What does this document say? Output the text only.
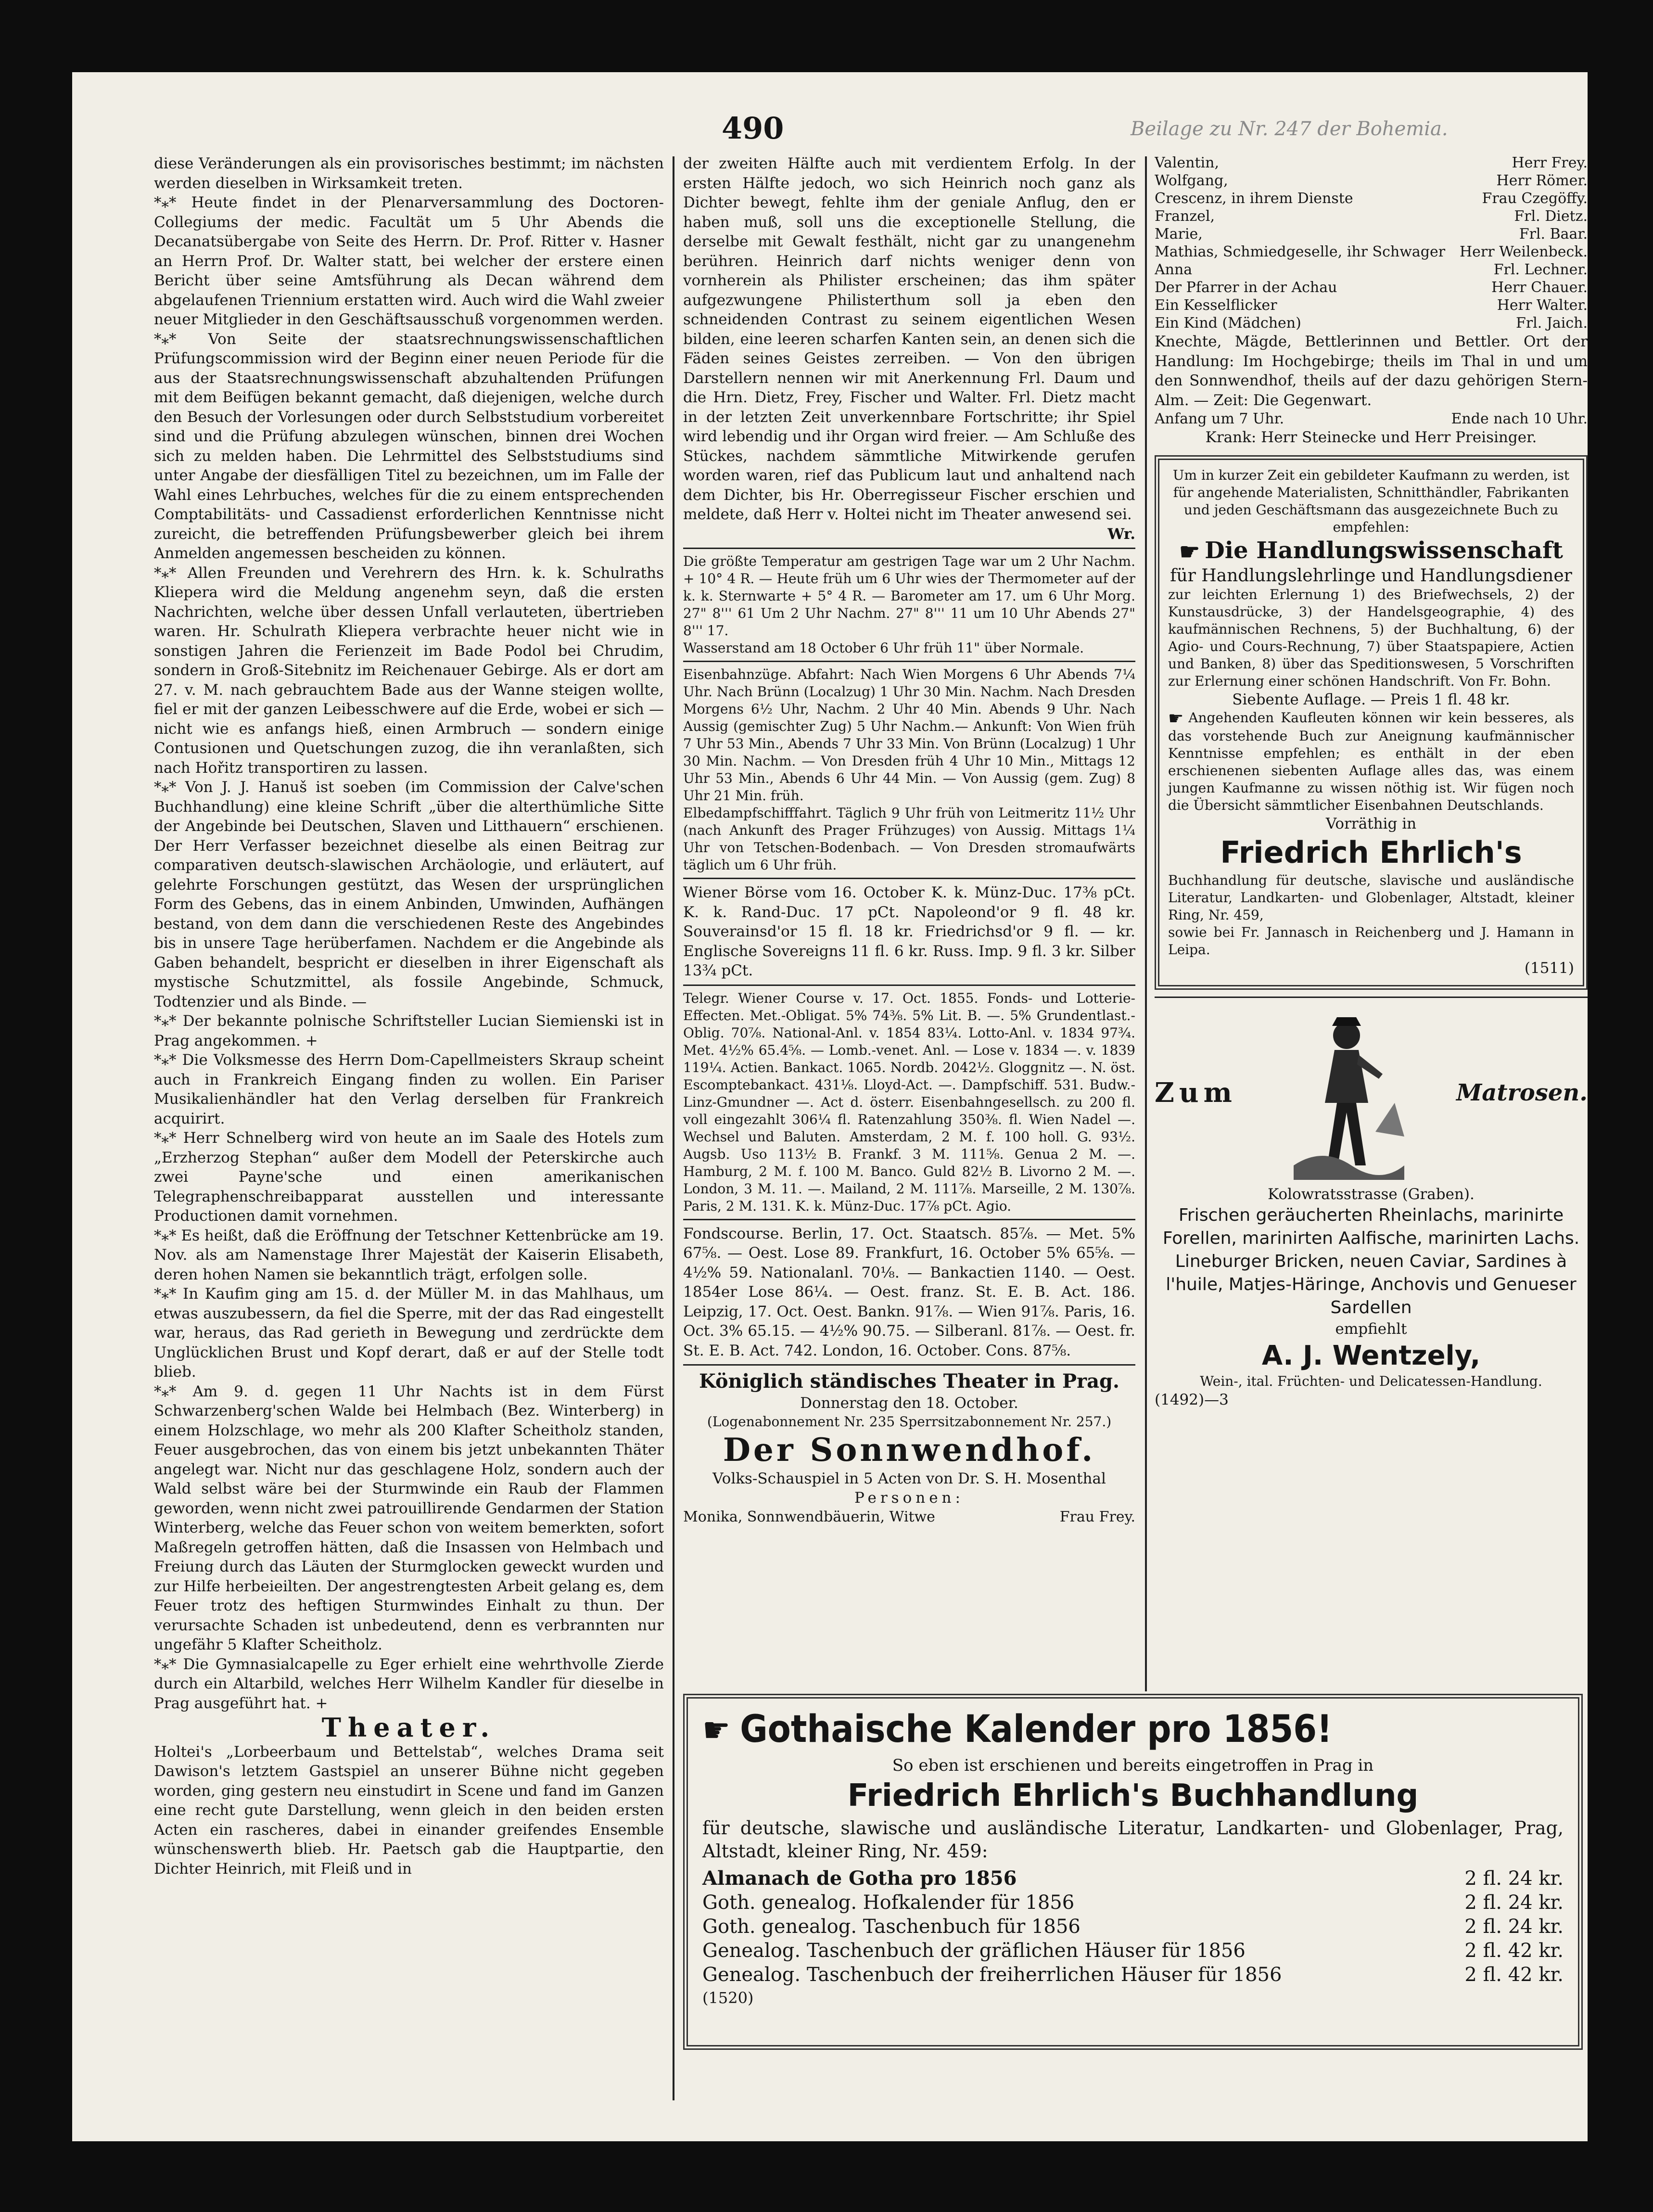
490	Beilage zu Nr. 247 der Bohemia.

diese Veränderungen als ein provisorisches bestimmt; im nächsten werden dieselben in Wirksamkeit treten.

*⁎* Heute findet in der Plenarversammlung des Doctoren-Collegiums der medic. Facultät um 5 Uhr Abends die Decanatsübergabe von Seite des Herrn. Dr. Prof. Ritter v. Hasner an Herrn Prof. Dr. Walter statt, bei welcher der erstere einen Bericht über seine Amtsführung als Decan während dem abgelaufenen Triennium erstatten wird. Auch wird die Wahl zweier neuer Mitglieder in den Geschäftsausschuß vorgenommen werden.

*⁎* Von Seite der staatsrechnungswissenschaftlichen Prüfungscommission wird der Beginn einer neuen Periode für die aus der Staatsrechnungswissenschaft abzuhaltenden Prüfungen mit dem Beifügen bekannt gemacht, daß diejenigen, welche durch den Besuch der Vorlesungen oder durch Selbststudium vorbereitet sind und die Prüfung abzulegen wünschen, binnen drei Wochen sich zu melden haben. Die Lehrmittel des Selbststudiums sind unter Angabe der diesfälligen Titel zu bezeichnen, um im Falle der Wahl eines Lehrbuches, welches für die zu einem entsprechenden Comptabilitäts- und Cassadienst erforderlichen Kenntnisse nicht zureicht, die betreffenden Prüfungsbewerber gleich bei ihrem Anmelden angemessen bescheiden zu können.

*⁎* Allen Freunden und Verehrern des Hrn. k. k. Schulraths Kliepera wird die Meldung angenehm seyn, daß die ersten Nachrichten, welche über dessen Unfall verlauteten, übertrieben waren. Hr. Schulrath Kliepera verbrachte heuer nicht wie in sonstigen Jahren die Ferienzeit im Bade Podol bei Chrudim, sondern in Groß-Sitebnitz im Reichenauer Gebirge. Als er dort am 27. v. M. nach gebrauchtem Bade aus der Wanne steigen wollte, fiel er mit der ganzen Leibesschwere auf die Erde, wobei er sich — nicht wie es anfangs hieß, einen Armbruch — sondern einige Contusionen und Quetschungen zuzog, die ihn veranlaßten, sich nach Hořitz transportiren zu lassen.

*⁎* Von J. J. Hanuš ist soeben (im Commission der Calve'schen Buchhandlung) eine kleine Schrift „über die alterthümliche Sitte der Angebinde bei Deutschen, Slaven und Litthauern“ erschienen. Der Herr Verfasser bezeichnet dieselbe als einen Beitrag zur comparativen deutsch-slawischen Archäologie, und erläutert, auf gelehrte Forschungen gestützt, das Wesen der ursprünglichen Form des Gebens, das in einem Anbinden, Umwinden, Aufhängen bestand, von dem dann die verschiedenen Reste des Angebindes bis in unsere Tage herüberfamen. Nachdem er die Angebinde als Gaben behandelt, bespricht er dieselben in ihrer Eigenschaft als mystische Schutzmittel, als fossile Angebinde, Schmuck, Todtenzier und als Binde. —

*⁎* Der bekannte polnische Schriftsteller Lucian Siemienski ist in Prag angekommen. +

*⁎* Die Volksmesse des Herrn Dom-Capellmeisters Skraup scheint auch in Frankreich Eingang finden zu wollen. Ein Pariser Musikalienhändler hat den Verlag derselben für Frankreich acquirirt.

*⁎* Herr Schnelberg wird von heute an im Saale des Hotels zum „Erzherzog Stephan“ außer dem Modell der Peterskirche auch zwei Payne'sche und einen amerikanischen Telegraphenschreibapparat ausstellen und interessante Productionen damit vornehmen.

*⁎* Es heißt, daß die Eröffnung der Tetschner Kettenbrücke am 19. Nov. als am Namenstage Ihrer Majestät der Kaiserin Elisabeth, deren hohen Namen sie bekanntlich trägt, erfolgen solle.

*⁎* In Kaufim ging am 15. d. der Müller M. in das Mahlhaus, um etwas auszubessern, da fiel die Sperre, mit der das Rad eingestellt war, heraus, das Rad gerieth in Bewegung und zerdrückte dem Unglücklichen Brust und Kopf derart, daß er auf der Stelle todt blieb.

*⁎* Am 9. d. gegen 11 Uhr Nachts ist in dem Fürst Schwarzenberg'schen Walde bei Helmbach (Bez. Winterberg) in einem Holzschlage, wo mehr als 200 Klafter Scheitholz standen, Feuer ausgebrochen, das von einem bis jetzt unbekannten Thäter angelegt war. Nicht nur das geschlagene Holz, sondern auch der Wald selbst wäre bei der Sturmwinde ein Raub der Flammen geworden, wenn nicht zwei patrouillirende Gendarmen der Station Winterberg, welche das Feuer schon von weitem bemerkten, sofort Maßregeln getroffen hätten, daß die Insassen von Helmbach und Freiung durch das Läuten der Sturmglocken geweckt wurden und zur Hilfe herbeieilten. Der angestrengtesten Arbeit gelang es, dem Feuer trotz des heftigen Sturmwindes Einhalt zu thun. Der verursachte Schaden ist unbedeutend, denn es verbrannten nur ungefähr 5 Klafter Scheitholz.

*⁎* Die Gymnasialcapelle zu Eger erhielt eine wehrthvolle Zierde durch ein Altarbild, welches Herr Wilhelm Kandler für dieselbe in Prag ausgeführt hat. +

Theater.

Holtei's „Lorbeerbaum und Bettelstab“, welches Drama seit Dawison's letztem Gastspiel an unserer Bühne nicht gegeben worden, ging gestern neu einstudirt in Scene und fand im Ganzen eine recht gute Darstellung, wenn gleich in den beiden ersten Acten ein rascheres, dabei in einander greifendes Ensemble wünschenswerth blieb. Hr. Paetsch gab die Hauptpartie, den Dichter Heinrich, mit Fleiß und in

der zweiten Hälfte auch mit verdientem Erfolg. In der ersten Hälfte jedoch, wo sich Heinrich noch ganz als Dichter bewegt, fehlte ihm der geniale Anflug, den er haben muß, soll uns die exceptionelle Stellung, die derselbe mit Gewalt festhält, nicht gar zu unangenehm berühren. Heinrich darf nichts weniger denn von vornherein als Philister erscheinen; das ihm später aufgezwungene Philisterthum soll ja eben den schneidenden Contrast zu seinem eigentlichen Wesen bilden, eine leeren scharfen Kanten sein, an denen sich die Fäden seines Geistes zerreiben. — Von den übrigen Darstellern nennen wir mit Anerkennung Frl. Daum und die Hrn. Dietz, Frey, Fischer und Walter. Frl. Dietz macht in der letzten Zeit unverkennbare Fortschritte; ihr Spiel wird lebendig und ihr Organ wird freier. — Am Schluße des Stückes, nachdem sämmtliche Mitwirkende gerufen worden waren, rief das Publicum laut und anhaltend nach dem Dichter, bis Hr. Oberregisseur Fischer erschien und meldete, daß Herr v. Holtei nicht im Theater anwesend sei.

Wr.

Die größte Temperatur am gestrigen Tage war um 2 Uhr Nachm. + 10° 4 R. — Heute früh um 6 Uhr wies der Thermometer auf der k. k. Sternwarte + 5° 4 R. — Barometer am 17. um 6 Uhr Morg. 27" 8''' 61 Um 2 Uhr Nachm. 27" 8''' 11 um 10 Uhr Abends 27" 8''' 17.

Wasserstand am 18 October 6 Uhr früh 11" über Normale.

Eisenbahnzüge. Abfahrt: Nach Wien Morgens 6 Uhr Abends 7¼ Uhr. Nach Brünn (Localzug) 1 Uhr 30 Min. Nachm. Nach Dresden Morgens 6½ Uhr, Nachm. 2 Uhr 40 Min. Abends 9 Uhr. Nach Aussig (gemischter Zug) 5 Uhr Nachm.— Ankunft: Von Wien früh 7 Uhr 53 Min., Abends 7 Uhr 33 Min. Von Brünn (Localzug) 1 Uhr 30 Min. Nachm. — Von Dresden früh 4 Uhr 10 Min., Mittags 12 Uhr 53 Min., Abends 6 Uhr 44 Min. — Von Aussig (gem. Zug) 8 Uhr 21 Min. früh.

Elbedampfschifffahrt. Täglich 9 Uhr früh von Leitmeritz 11½ Uhr (nach Ankunft des Prager Frühzuges) von Aussig. Mittags 1¼ Uhr von Tetschen-Bodenbach. — Von Dresden stromaufwärts täglich um 6 Uhr früh.

Wiener Börse vom 16. October K. k. Münz-Duc. 17⅜ pCt. K. k. Rand-Duc. 17 pCt. Napoleond'or 9 fl. 48 kr. Souverainsd'or 15 fl. 18 kr. Friedrichsd'or 9 fl. — kr. Englische Sovereigns 11 fl. 6 kr. Russ. Imp. 9 fl. 3 kr. Silber 13¾ pCt.

Telegr. Wiener Course v. 17. Oct. 1855. Fonds- und Lotterie-Effecten. Met.-Obligat. 5% 74⅜. 5% Lit. B. —. 5% Grundentlast.-Oblig. 70⅞. National-Anl. v. 1854 83¼. Lotto-Anl. v. 1834 97¾. Met. 4½% 65.4⅝. — Lomb.-venet. Anl. — Lose v. 1834 —. v. 1839 119¼. Actien. Bankact. 1065. Nordb. 2042½. Gloggnitz —. N. öst. Escomptebankact. 431⅛. Lloyd-Act. —. Dampfschiff. 531. Budw.-Linz-Gmundner —. Act d. österr. Eisenbahngesellsch. zu 200 fl. voll eingezahlt 306¼ fl. Ratenzahlung 350⅜. fl. Wien Nadel —. Wechsel und Baluten. Amsterdam, 2 M. f. 100 holl. G. 93½. Augsb. Uso 113½ B. Frankf. 3 M. 111⅝. Genua 2 M. —. Hamburg, 2 M. f. 100 M. Banco. Guld 82½ B. Livorno 2 M. —. London, 3 M. 11. —. Mailand, 2 M. 111⅞. Marseille, 2 M. 130⅞. Paris, 2 M. 131. K. k. Münz-Duc. 17⅞ pCt. Agio.

Fondscourse. Berlin, 17. Oct. Staatsch. 85⅞. — Met. 5% 67⅝. — Oest. Lose 89. Frankfurt, 16. October 5% 65⅝. — 4½% 59. Nationalanl. 70⅛. — Bankactien 1140. — Oest. 1854er Lose 86¼. — Oest. franz. St. E. B. Act. 186. Leipzig, 17. Oct. Oest. Bankn. 91⅞. — Wien 91⅞. Paris, 16. Oct. 3% 65.15. — 4½% 90.75. — Silberanl. 81⅞. — Oest. fr. St. E. B. Act. 742. London, 16. October. Cons. 87⅝.

Königlich ständisches Theater in Prag.

Donnerstag den 18. October.

(Logenabonnement Nr. 235 Sperrsitzabonnement Nr. 257.)

Der Sonnwendhof.

Volks-Schauspiel in 5 Acten von Dr. S. H. Mosenthal

Personen:

Monika, Sonnwendbäuerin, Witwe	Frau Frey.
Valentin,	Herr Frey.
Wolfgang,	Herr Römer.
Crescenz, in ihrem Dienste	Frau Czegöffy.
Franzel,	Frl. Dietz.
Marie,	Frl. Baar.
Mathias, Schmiedgeselle, ihr Schwager Herr Weilenbeck.
Anna	Frl. Lechner.
Der Pfarrer in der Achau	Herr Chauer.
Ein Kesselflicker	Herr Walter.
Ein Kind (Mädchen)	Frl. Jaich.

Knechte, Mägde, Bettlerinnen und Bettler. Ort der Handlung: Im Hochgebirge; theils im Thal in und um den Sonnwendhof, theils auf der dazu gehörigen Stern-Alm. — Zeit: Die Gegenwart.

Anfang um 7 Uhr.	Ende nach 10 Uhr.

Krank: Herr Steinecke und Herr Preisinger.

Um in kurzer Zeit ein gebildeter Kaufmann zu werden, ist für angehende Materialisten, Schnitthändler, Fabrikanten und jeden Geschäftsmann das ausgezeichnete Buch zu empfehlen:

☛ Die Handlungswissenschaft

für Handlungslehrlinge und Handlungsdiener

zur leichten Erlernung 1) des Briefwechsels, 2) der Kunstausdrücke, 3) der Handelsgeographie, 4) des kaufmännischen Rechnens, 5) der Buchhaltung, 6) der Agio- und Cours-Rechnung, 7) über Staatspapiere, Actien und Banken, 8) über das Speditionswesen, 5 Vorschriften zur Erlernung einer schönen Handschrift. Von Fr. Bohn.

Siebente Auflage. — Preis 1 fl. 48 kr.

☛ Angehenden Kaufleuten können wir kein besseres, als das vorstehende Buch zur Aneignung kaufmännischer Kenntnisse empfehlen; es enthält in der eben erschienenen siebenten Auflage alles das, was einem jungen Kaufmanne zu wissen nöthig ist. Wir fügen noch die Übersicht sämmtlicher Eisenbahnen Deutschlands.

Vorräthig in

Friedrich Ehrlich's

Buchhandlung für deutsche, slavische und ausländische Literatur, Landkarten- und Globenlager, Altstadt, kleiner Ring, Nr. 459,

sowie bei Fr. Jannasch in Reichenberg und J. Hamann in Leipa.

(1511)

Zum	Matrosen.

Kolowratsstrasse (Graben).

Frischen geräucherten Rheinlachs, marinirte Forellen, marinirten Aalfische, marinirten Lachs. Lineburger Bricken, neuen Caviar, Sardines à l'huile, Matjes-Häringe, Anchovis und Genueser Sardellen

empfiehlt

A. J. Wentzely,

Wein-, ital. Früchten- und Delicatessen-Handlung.

(1492)—3

☛ Gothaische Kalender pro 1856!

So eben ist erschienen und bereits eingetroffen in Prag in

Friedrich Ehrlich's Buchhandlung

für deutsche, slawische und ausländische Literatur, Landkarten- und Globenlager, Prag, Altstadt, kleiner Ring, Nr. 459:

Almanach de Gotha pro 1856	2 fl. 24 kr.
Goth. genealog. Hofkalender für 1856	2 fl. 24 kr.
Goth. genealog. Taschenbuch für 1856	2 fl. 24 kr.
Genealog. Taschenbuch der gräflichen Häuser für 1856	2 fl. 42 kr.
Genealog. Taschenbuch der freiherrlichen Häuser für 1856	2 fl. 42 kr.

(1520)
